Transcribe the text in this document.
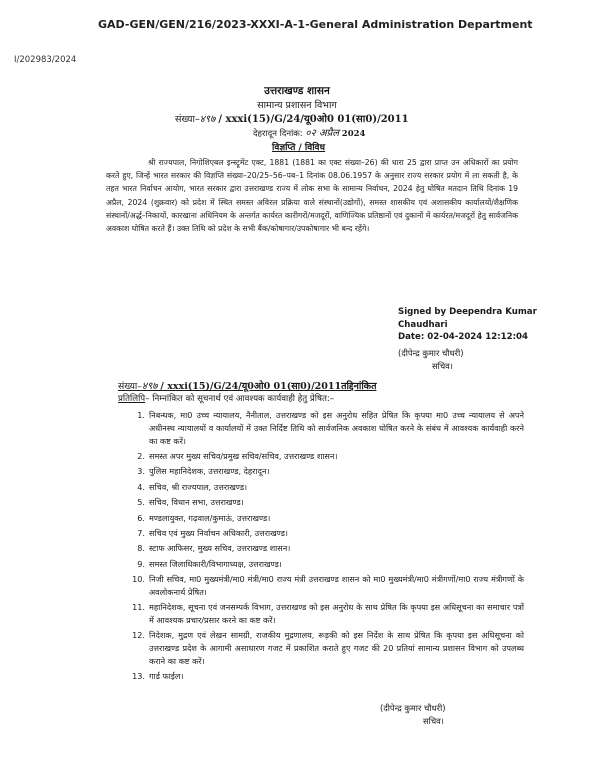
GAD-GEN/GEN/216/2023-XXXI-A-1-General Administration Department
I/202983/2024
उत्तराखण्ड शासन
सामान्य प्रशासन विभाग
संख्या–४९७ / xxxi(15)/G/24/यू0ओ0 01(सा0)/2011
देहरादून दिनांक: ०२ अप्रैल 2024
विज्ञप्ति / विविध
श्री राज्यपाल, निगोशिएबल इन्स्ट्रूमेंट एक्ट, 1881 (1881 का एक्ट संख्या–26) की धारा 25 द्वारा प्राप्त उन अधिकारों का प्रयोग करते हुए, जिन्हें भारत सरकार की विज्ञप्ति संख्या–20/25–56–पब–1 दिनांक 08.06.1957 के अनुसार राज्य सरकार प्रयोग में ला सकती है, के तहत भारत निर्वाचन आयोग, भारत सरकार द्वारा उत्तराखण्ड राज्य में लोक सभा के सामान्य निर्वाचन, 2024 हेतु घोषित मतदान तिथि दिनांक 19 अप्रैल, 2024 (शुक्रवार) को प्रदेश में स्थित समस्त अविरल प्रक्रिया वाले संस्थानों(उद्योगों), समस्त शासकीय एवं अशासकीय कार्यालयों/शैक्षणिक संस्थानों/अर्द्ध–निकायों, कारखाना अधिनियम के अन्तर्गत कार्यरत कारीगरों/मजदूरों, वाणिज्यिक प्रतिष्ठानों एवं दुकानों में कार्यरत/मजदूरों हेतु सार्वजनिक अवकाश घोषित करते हैं। उक्त तिथि को प्रदेश के सभी बैंक/कोषागार/उपकोषागार भी बन्द रहेंगे।
Signed by Deependra Kumar
Chaudhari
Date: 02-04-2024 12:12:04
(दीपेन्द्र कुमार चौधरी)
सचिव।
संख्या–४९७ / xxxi(15)/G/24/यू0ओ0 01(सा0)/2011तद्दिनांकित
प्रतिलिपि– निम्नांकित को सूचनार्थ एवं आवश्यक कार्यवाही हेतु प्रेषित:–
1. निबन्धक, मा0 उच्च न्यायालय, नैनीताल, उत्तराखण्ड को इस अनुरोध सहित प्रेषित कि कृपया मा0 उच्च न्यायालय से अपने अधीनस्थ न्यायालयों व कार्यालयों में उक्त निर्दिष्ट तिथि को सार्वजनिक अवकाश घोषित करने के संबंध में आवश्यक कार्यवाही करने का कष्ट करें।
2. समस्त अपर मुख्य सचिव/प्रमुख सचिव/सचिव, उत्तराखण्ड शासन।
3. पुलिस महानिदेशक, उत्तराखण्ड, देहरादून।
4. सचिव, श्री राज्यपाल, उत्तराखण्ड।
5. सचिव, विधान सभा, उत्तराखण्ड।
6. मण्डलायुक्त, गढ़वाल/कुमाऊं, उत्तराखण्ड।
7. सचिव एवं मुख्य निर्वाचन अधिकारी, उत्तराखण्ड।
8. स्टाफ आफिसर, मुख्य सचिव, उत्तराखण्ड शासन।
9. समस्त जिलाधिकारी/विभागाध्यक्ष, उत्तराखण्ड।
10. निजी सचिव, मा0 मुख्यमंत्री/मा0 मंत्री/मा0 राज्य मंत्री उत्तराखण्ड शासन को मा0 मुख्यमंत्री/मा0 मंत्रीगणों/मा0 राज्य मंत्रीगणों के अवलोकनार्थ प्रेषित।
11. महानिदेशक, सूचना एवं जनसम्पर्क विभाग, उत्तराखण्ड को इस अनुरोध के साथ प्रेषित कि कृपया इस अधिसूचना का समाचार पत्रों में आवश्यक प्रचार/प्रसार करने का कष्ट करें।
12. निदेशक, मुद्रण एवं लेखन सामग्री, राजकीय मुद्रणालय, रूड़की को इस निर्देश के साथ प्रेषित कि कृपया इस अधिसूचना को उत्तराखण्ड प्रदेश के आगामी असाधारण गजट में प्रकाशित कराते हुए गजट की 20 प्रतियां सामान्य प्रशासन विभाग को उपलब्ध कराने का कष्ट करें।
13. गार्ड फाईल।
(दीपेन्द्र कुमार चौधरी)
सचिव।
